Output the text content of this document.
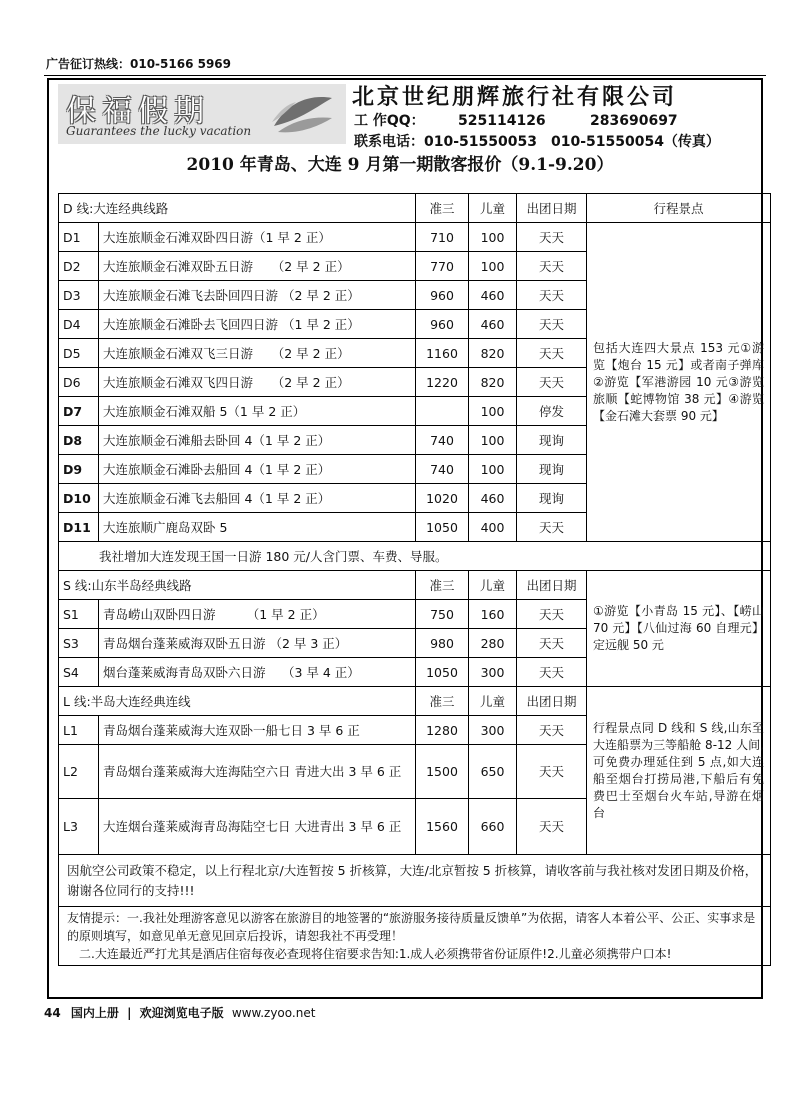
广告征订热线：010-5166 5969
保福假期
Guarantees the lucky vacation
北京世纪朋辉旅行社有限公司
工 作QQ： 525114126	283690697
联系电话：010-51550053 010-51550054（传真）
2010 年青岛、大连 9 月第一期散客报价（9.1-9.20）
D 线:大连经典线路		准三	儿童	出团日期	行程景点
D1	大连旅顺金石滩双卧四日游（1 早 2 正）	710	100	天天	包括大连四大景点 153 元①游览【炮台 15 元】或者南子弹库②游览【军港游园 10 元③游览旅顺【蛇博物馆 38 元】④游览【金石滩大套票 90 元】
D2	大连旅顺金石滩双卧五日游　　（2 早 2 正）	770	100	天天	
D3	大连旅顺金石滩飞去卧回四日游 （2 早 2 正）	960	460	天天	
D4	大连旅顺金石滩卧去飞回四日游 （1 早 2 正）	960	460	天天	
D5	大连旅顺金石滩双飞三日游　　（2 早 2 正）	1160	820	天天	
D6	大连旅顺金石滩双飞四日游　　（2 早 2 正）	1220	820	天天	
D7	大连旅顺金石滩双船 5（1 早 2 正）		100	停发	
D8	大连旅顺金石滩船去卧回 4（1 早 2 正）	740	100	现询	
D9	大连旅顺金石滩卧去船回 4（1 早 2 正）	740	100	现询	
D10	大连旅顺金石滩飞去船回 4（1 早 2 正）	1020	460	现询	
D11	大连旅顺广鹿岛双卧 5	1050	400	天天	
我社增加大连发现王国一日游 180 元/人含门票、车费、导服。					
S 线:山东半岛经典线路		准三	儿童	出团日期	①游览【小青岛 15 元】、【崂山 70 元】【八仙过海 60 自理元】定远舰 50 元
S1	青岛崂山双卧四日游　　　（1 早 2 正）	750	160	天天	
S3	青岛烟台蓬莱威海双卧五日游 （2 早 3 正）	980	280	天天	
S4	烟台蓬莱威海青岛双卧六日游　 （3 早 4 正）	1050	300	天天	
L 线:半岛大连经典连线		准三	儿童	出团日期	行程景点同 D 线和 S 线,山东至大连船票为三等船舱 8-12 人间,可免费办理延住到 5 点,如大连船至烟台打捞局港,下船后有免费巴士至烟台火车站,导游在烟台
L1	青岛烟台蓬莱威海大连双卧一船七日 3 早 6 正	1280	300	天天	
L2	青岛烟台蓬莱威海大连海陆空六日 青进大出 3 早 6 正	1500	650	天天	
L3	大连烟台蓬莱威海青岛海陆空七日 大进青出 3 早 6 正	1560	660	天天	
因航空公司政策不稳定，以上行程北京/大连暂按 5 折核算，大连/北京暂按 5 折核算，请收客前与我社核对发团日期及价格，谢谢各位同行的支持!!!					

友情提示：一.我社处理游客意见以游客在旅游目的地签署的“旅游服务接待质量反馈单”为依据，请客人本着公平、公正、实事求是的原则填写，如意见单无意见回京后投诉，请恕我社不再受理！
二.大连最近严打尤其是酒店住宿每夜必查现将住宿要求告知:1.成人必须携带省份证原件!2.儿童必须携带户口本!					
44 国内上册 | 欢迎浏览电子版 www.zyoo.net
